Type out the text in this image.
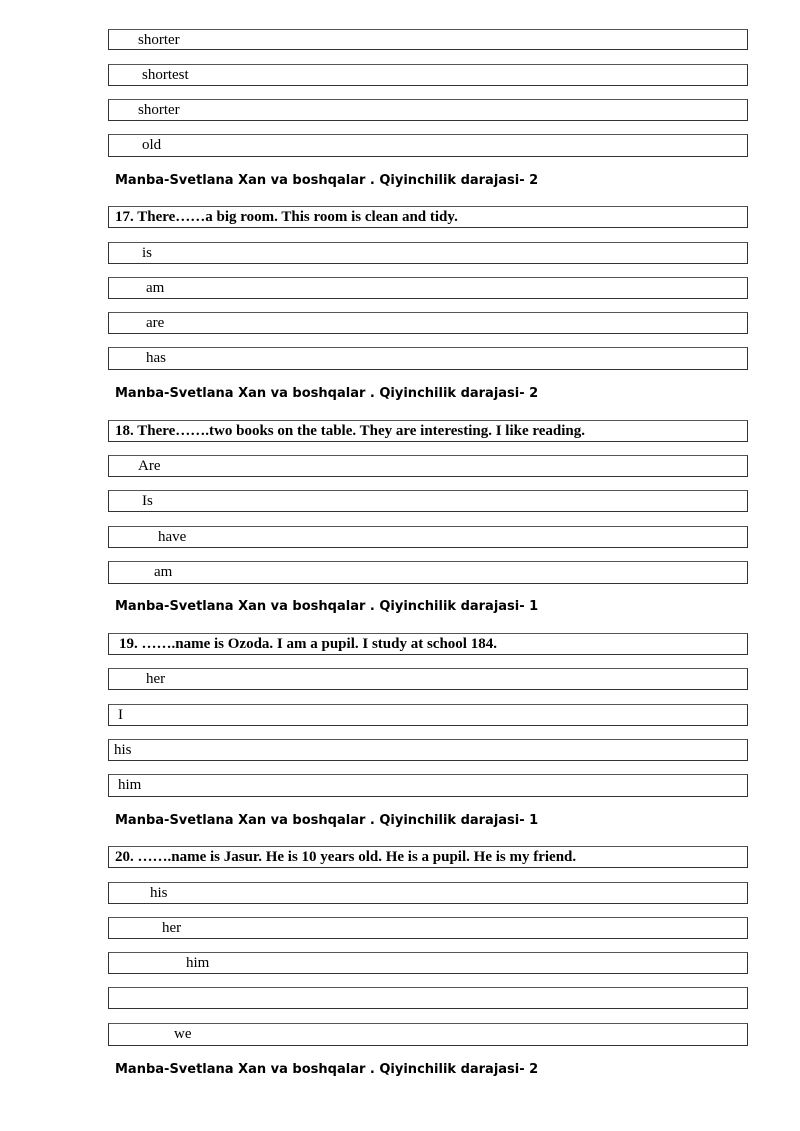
shorter
shortest
shorter
old
Manba-Svetlana Xan va boshqalar . Qiyinchilik darajasi- 2
17. There……a big room. This room is clean and tidy.
is
am
are
has
Manba-Svetlana Xan va boshqalar . Qiyinchilik darajasi- 2
18. There…….two books on the table. They are interesting. I like reading.
Are
Is
have
am
Manba-Svetlana Xan va boshqalar . Qiyinchilik darajasi- 1
19. …….name is Ozoda. I am a pupil. I study at school 184.
her
I
his
him
Manba-Svetlana Xan va boshqalar . Qiyinchilik darajasi- 1
20. …….name is Jasur. He is 10 years old. He is a pupil. He is my friend.
his
her
him
we
Manba-Svetlana Xan va boshqalar . Qiyinchilik darajasi- 2
